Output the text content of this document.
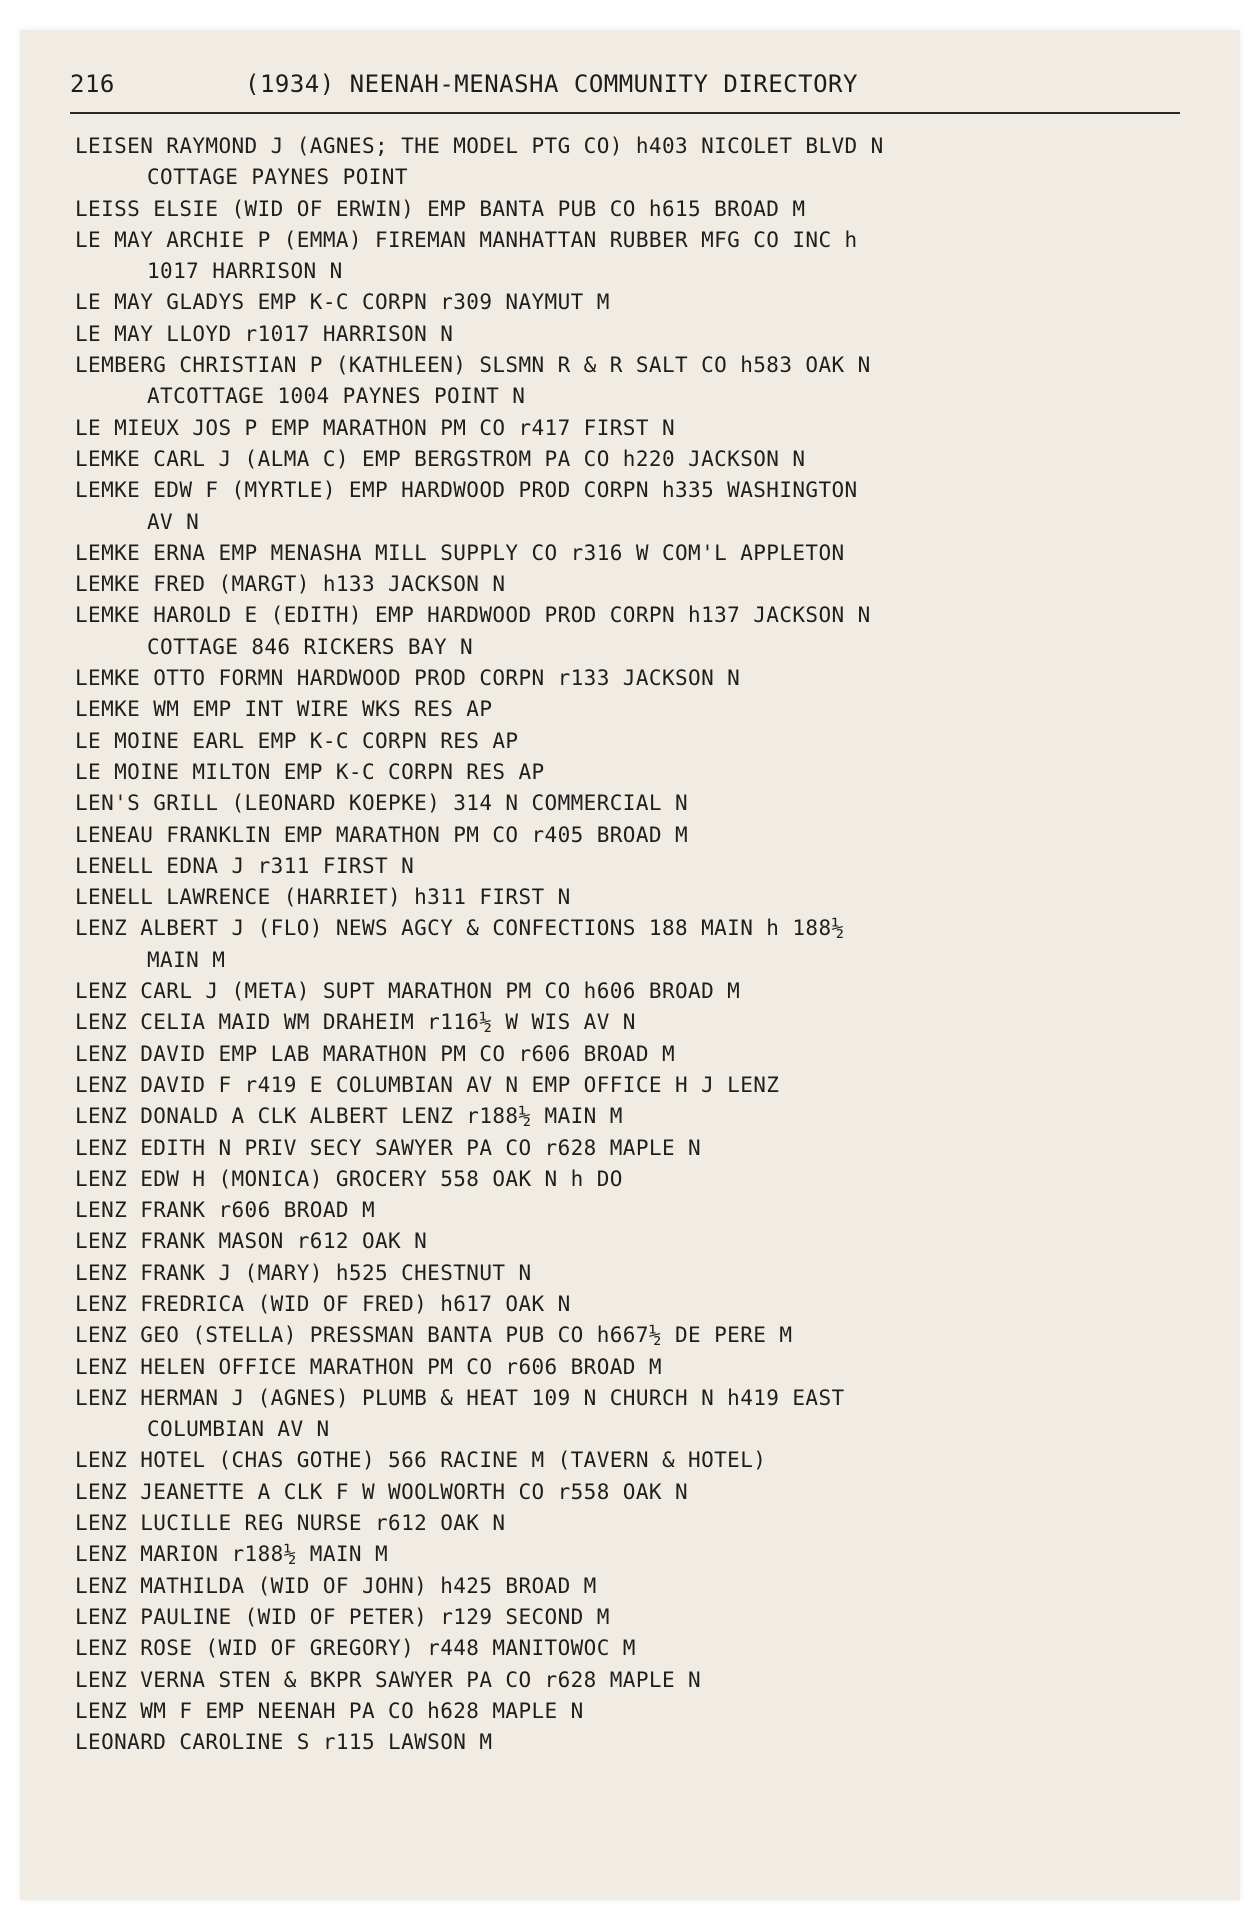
216	(1934) NEENAH-MENASHA COMMUNITY DIRECTORY
LEISEN RAYMOND J (AGNES; THE MODEL PTG CO) h403 NICOLET BLVD N
COTTAGE PAYNES POINT
LEISS ELSIE (WID OF ERWIN) EMP BANTA PUB CO h615 BROAD M
LE MAY ARCHIE P (EMMA) FIREMAN MANHATTAN RUBBER MFG CO INC h
1017 HARRISON N
LE MAY GLADYS EMP K-C CORPN r309 NAYMUT M
LE MAY LLOYD r1017 HARRISON N
LEMBERG CHRISTIAN P (KATHLEEN) SLSMN R & R SALT CO h583 OAK N
ATCOTTAGE 1004 PAYNES POINT N
LE MIEUX JOS P EMP MARATHON PM CO r417 FIRST N
LEMKE CARL J (ALMA C) EMP BERGSTROM PA CO h220 JACKSON N
LEMKE EDW F (MYRTLE) EMP HARDWOOD PROD CORPN h335 WASHINGTON
AV N
LEMKE ERNA EMP MENASHA MILL SUPPLY CO r316 W COM'L APPLETON
LEMKE FRED (MARGT) h133 JACKSON N
LEMKE HAROLD E (EDITH) EMP HARDWOOD PROD CORPN h137 JACKSON N
COTTAGE 846 RICKERS BAY N
LEMKE OTTO FORMN HARDWOOD PROD CORPN r133 JACKSON N
LEMKE WM EMP INT WIRE WKS RES AP
LE MOINE EARL EMP K-C CORPN RES AP
LE MOINE MILTON EMP K-C CORPN RES AP
LEN'S GRILL (LEONARD KOEPKE) 314 N COMMERCIAL N
LENEAU FRANKLIN EMP MARATHON PM CO r405 BROAD M
LENELL EDNA J r311 FIRST N
LENELL LAWRENCE (HARRIET) h311 FIRST N
LENZ ALBERT J (FLO) NEWS AGCY & CONFECTIONS 188 MAIN h 188½
MAIN M
LENZ CARL J (META) SUPT MARATHON PM CO h606 BROAD M
LENZ CELIA MAID WM DRAHEIM r116½ W WIS AV N
LENZ DAVID EMP LAB MARATHON PM CO r606 BROAD M
LENZ DAVID F r419 E COLUMBIAN AV N EMP OFFICE H J LENZ
LENZ DONALD A CLK ALBERT LENZ r188½ MAIN M
LENZ EDITH N PRIV SECY SAWYER PA CO r628 MAPLE N
LENZ EDW H (MONICA) GROCERY 558 OAK N h DO
LENZ FRANK r606 BROAD M
LENZ FRANK MASON r612 OAK N
LENZ FRANK J (MARY) h525 CHESTNUT N
LENZ FREDRICA (WID OF FRED) h617 OAK N
LENZ GEO (STELLA) PRESSMAN BANTA PUB CO h667½ DE PERE M
LENZ HELEN OFFICE MARATHON PM CO r606 BROAD M
LENZ HERMAN J (AGNES) PLUMB & HEAT 109 N CHURCH N h419 EAST
COLUMBIAN AV N
LENZ HOTEL (CHAS GOTHE) 566 RACINE M (TAVERN & HOTEL)
LENZ JEANETTE A CLK F W WOOLWORTH CO r558 OAK N
LENZ LUCILLE REG NURSE r612 OAK N
LENZ MARION r188½ MAIN M
LENZ MATHILDA (WID OF JOHN) h425 BROAD M
LENZ PAULINE (WID OF PETER) r129 SECOND M
LENZ ROSE (WID OF GREGORY) r448 MANITOWOC M
LENZ VERNA STEN & BKPR SAWYER PA CO r628 MAPLE N
LENZ WM F EMP NEENAH PA CO h628 MAPLE N
LEONARD CAROLINE S r115 LAWSON M
